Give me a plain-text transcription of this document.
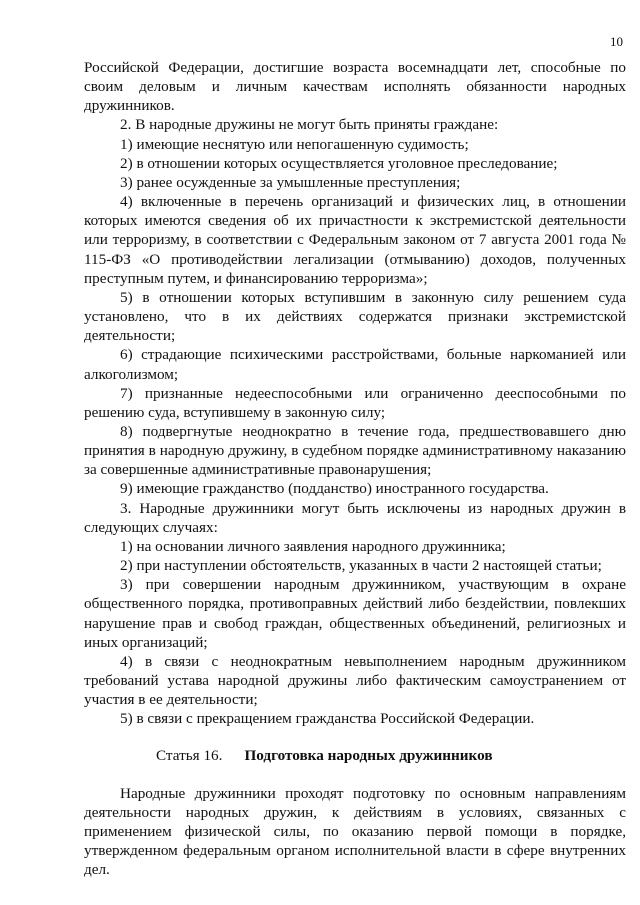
10

Российской Федерации, достигшие возраста восемнадцати лет, способные по своим деловым и личным качествам исполнять обязанности народных дружинников.

2. В народные дружины не могут быть приняты граждане:

1) имеющие неснятую или непогашенную судимость;

2) в отношении которых осуществляется уголовное преследование;

3) ранее осужденные за умышленные преступления;

4) включенные в перечень организаций и физических лиц, в отношении которых имеются сведения об их причастности к экстремистской деятельности или терроризму, в соответствии с Федеральным законом от 7 августа 2001 года № 115-ФЗ «О противодействии легализации (отмыванию) доходов, полученных преступным путем, и финансированию терроризма»;

5) в отношении которых вступившим в законную силу решением суда установлено, что в их действиях содержатся признаки экстремистской деятельности;

6) страдающие психическими расстройствами, больные наркоманией или алкоголизмом;

7) признанные недееспособными или ограниченно дееспособными по решению суда, вступившему в законную силу;

8) подвергнутые неоднократно в течение года, предшествовавшего дню принятия в народную дружину, в судебном порядке административному наказанию за совершенные административные правонарушения;

9) имеющие гражданство (подданство) иностранного государства.

3. Народные дружинники могут быть исключены из народных дружин в следующих случаях:

1) на основании личного заявления народного дружинника;

2) при наступлении обстоятельств, указанных в части 2 настоящей статьи;

3) при совершении народным дружинником, участвующим в охране общественного порядка, противоправных действий либо бездействии, повлекших нарушение прав и свобод граждан, общественных объединений, религиозных и иных организаций;

4) в связи с неоднократным невыполнением народным дружинником требований устава народной дружины либо фактическим самоустранением от участия в ее деятельности;

5) в связи с прекращением гражданства Российской Федерации.

Статья 16. Подготовка народных дружинников

Народные дружинники проходят подготовку по основным направлениям деятельности народных дружин, к действиям в условиях, связанных с применением физической силы, по оказанию первой помощи в порядке, утвержденном федеральным органом исполнительной власти в сфере внутренних дел.
